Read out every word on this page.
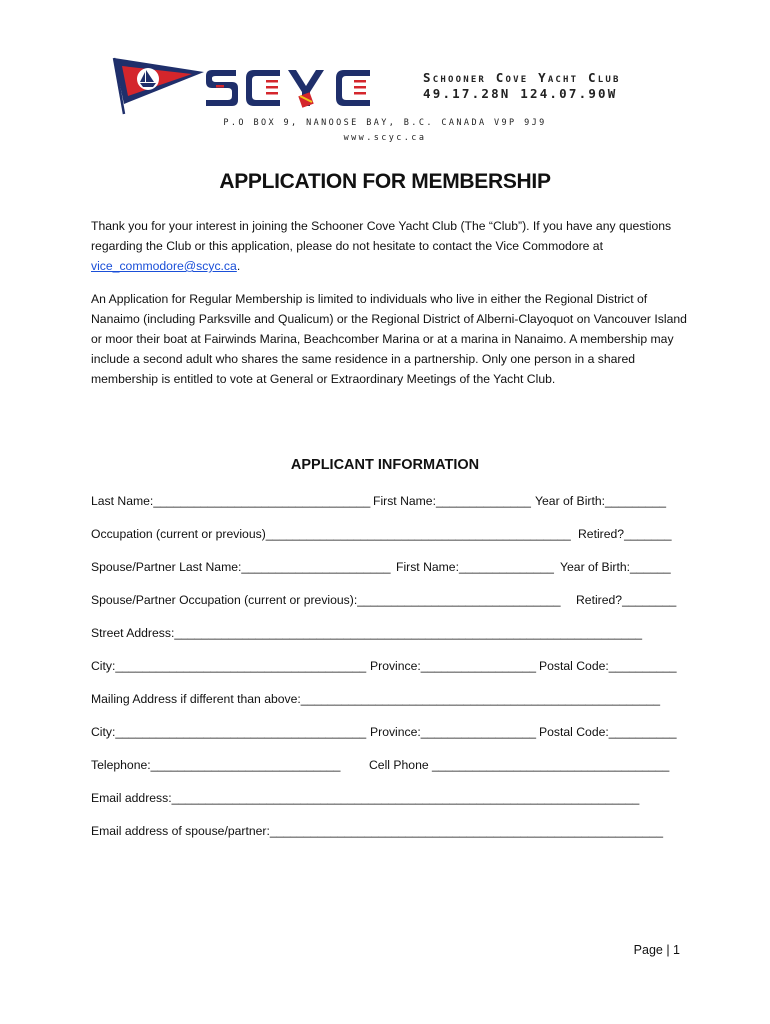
Schooner Cove Yacht Club
49.17.28N 124.07.90W
P.O BOX 9, NANOOSE BAY, B.C. CANADA V9P 9J9
www.scyc.ca
APPLICATION FOR MEMBERSHIP
Thank you for your interest in joining the Schooner Cove Yacht Club (The “Club”). If you have any questions regarding the Club or this application, please do not hesitate to contact the Vice Commodore at vice_commodore@scyc.ca.
An Application for Regular Membership is limited to individuals who live in either the Regional District of Nanaimo (including Parksville and Qualicum) or the Regional District of Alberni-Clayoquot on Vancouver Island or moor their boat at Fairwinds Marina, Beachcomber Marina or at a marina in Nanaimo. A membership may include a second adult who shares the same residence in a partnership. Only one person in a shared membership is entitled to vote at General or Extraordinary Meetings of the Yacht Club.
APPLICANT INFORMATION

Last Name:________________________________

First Name:______________

Year of Birth:_________

Occupation (current or previous)_____________________________________________

Retired?_______

Spouse/Partner Last Name:______________________

First Name:______________

Year of Birth:______

Spouse/Partner Occupation (current or previous):______________________________

Retired?________

Street Address:_____________________________________________________________________

City:_____________________________________

Province:_________________

Postal Code:__________

Mailing Address if different than above:_____________________________________________________

City:_____________________________________

Province:_________________

Postal Code:__________

Telephone:____________________________

Cell Phone ___________________________________

Email address:_____________________________________________________________________

Email address of spouse/partner:__________________________________________________________

Page | 1
